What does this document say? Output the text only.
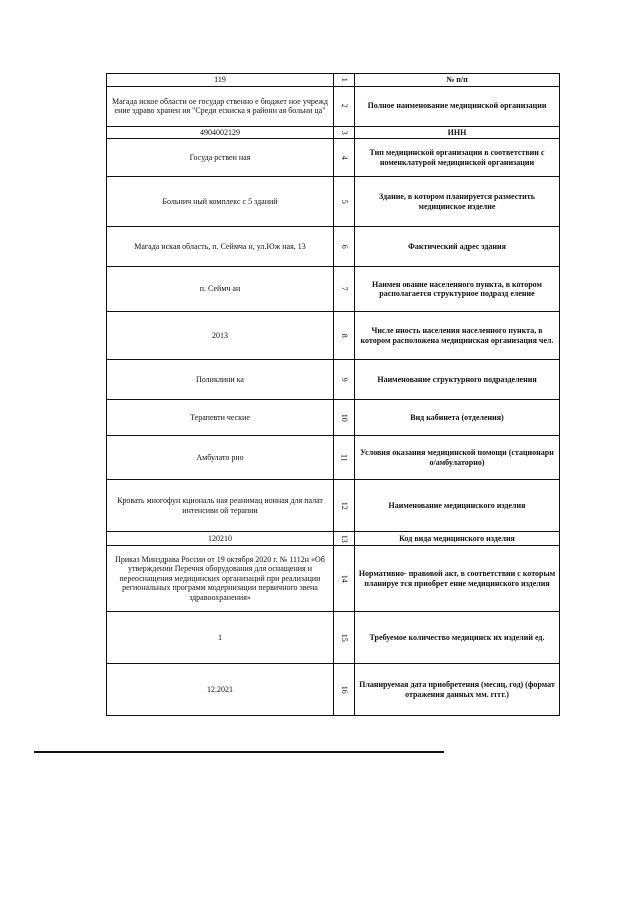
119	1	№ п/п
Магада иское области ое государ ственно е бюджет ное учрежд ение здраво хранен ия "Среди ескиска я районн ая больни ца"	2	Полное наименование медицинской организации
4904002129	3	ИНН
Госуда рствен ная	4	Тип медицинской организации в соответствии с номенклатурой медицинской организации
Больнич ный комплекс с 5 зданий	5	Здание, в котором планируется разместить медицинское изделие
Магада нская область, п. Сеймча н, ул.Юж ная, 13	6	Фактический адрес здания
п. Сеймч ан	7	Наимен ование населенного пункта, в котором располагается структурное подразд еление
2013	8	Числе нность населения населенного пункта, в котором расположена медицинская организация чел.
Поликлини ка	9	Наименование структурного подразделения
Терапевти ческие	10	Вид кабинета (отделения)
Амбулато рно	11	Условия оказания медицинской помощи (стационарн о/амбулаторно)
Кровать многофун кциональ ная реанимац ионная для палат интенсиви ой терапии	12	Наименование медицинского изделия
120210	13	Код вида медицинского изделия
Приказ Минздрава России от 19 октября 2020 г. № 1112н «Об утверждении Перечня оборудования для оснащения и переоснащения медицинских организаций при реализации региональных программ модернизации первичного звена здравоохранения»	14	Нормативно- правовой акт, в соответствии с которым планируе тся приобрет ение медицинского изделия
1	15	Требуемое количество медицинск их изделий ед.
12.2021	16	Планируемая дата приобретения (месяц, год) (формат отражения данных мм. гггг.)
